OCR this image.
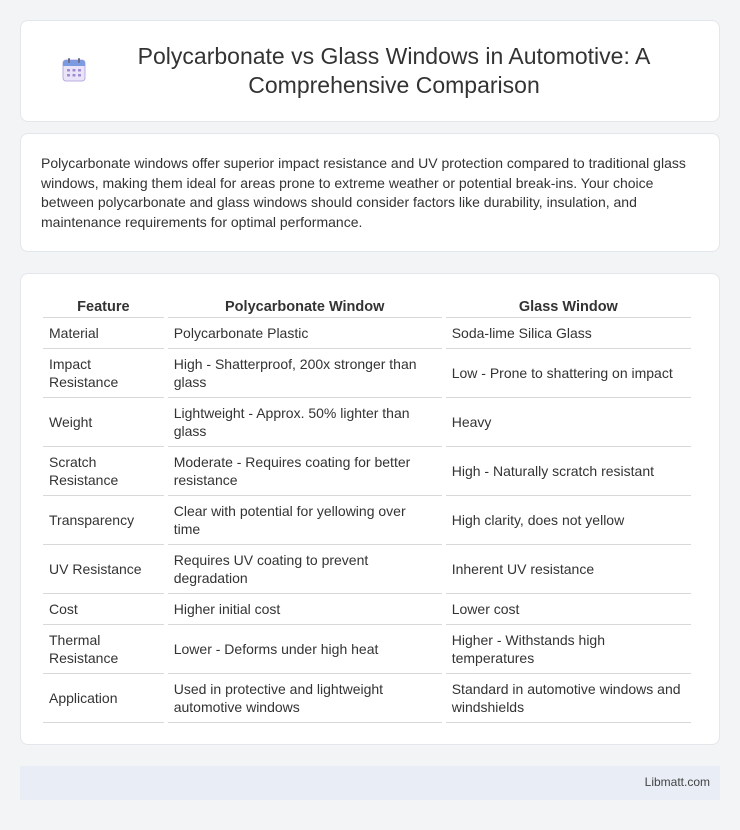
Polycarbonate vs Glass Windows in Automotive: A Comprehensive Comparison

Polycarbonate windows offer superior impact resistance and UV protection compared to traditional glass windows, making them ideal for areas prone to extreme weather or potential break-ins. Your choice between polycarbonate and glass windows should consider factors like durability, insulation, and maintenance requirements for optimal performance.

Feature	Polycarbonate Window	Glass Window
Material	Polycarbonate Plastic	Soda-lime Silica Glass
Impact Resistance	High - Shatterproof, 200x stronger than glass	Low - Prone to shattering on impact
Weight	Lightweight - Approx. 50% lighter than glass	Heavy
Scratch Resistance	Moderate - Requires coating for better resistance	High - Naturally scratch resistant
Transparency	Clear with potential for yellowing over time	High clarity, does not yellow
UV Resistance	Requires UV coating to prevent degradation	Inherent UV resistance
Cost	Higher initial cost	Lower cost
Thermal Resistance	Lower - Deforms under high heat	Higher - Withstands high temperatures
Application	Used in protective and lightweight automotive windows	Standard in automotive windows and windshields
Libmatt.com
